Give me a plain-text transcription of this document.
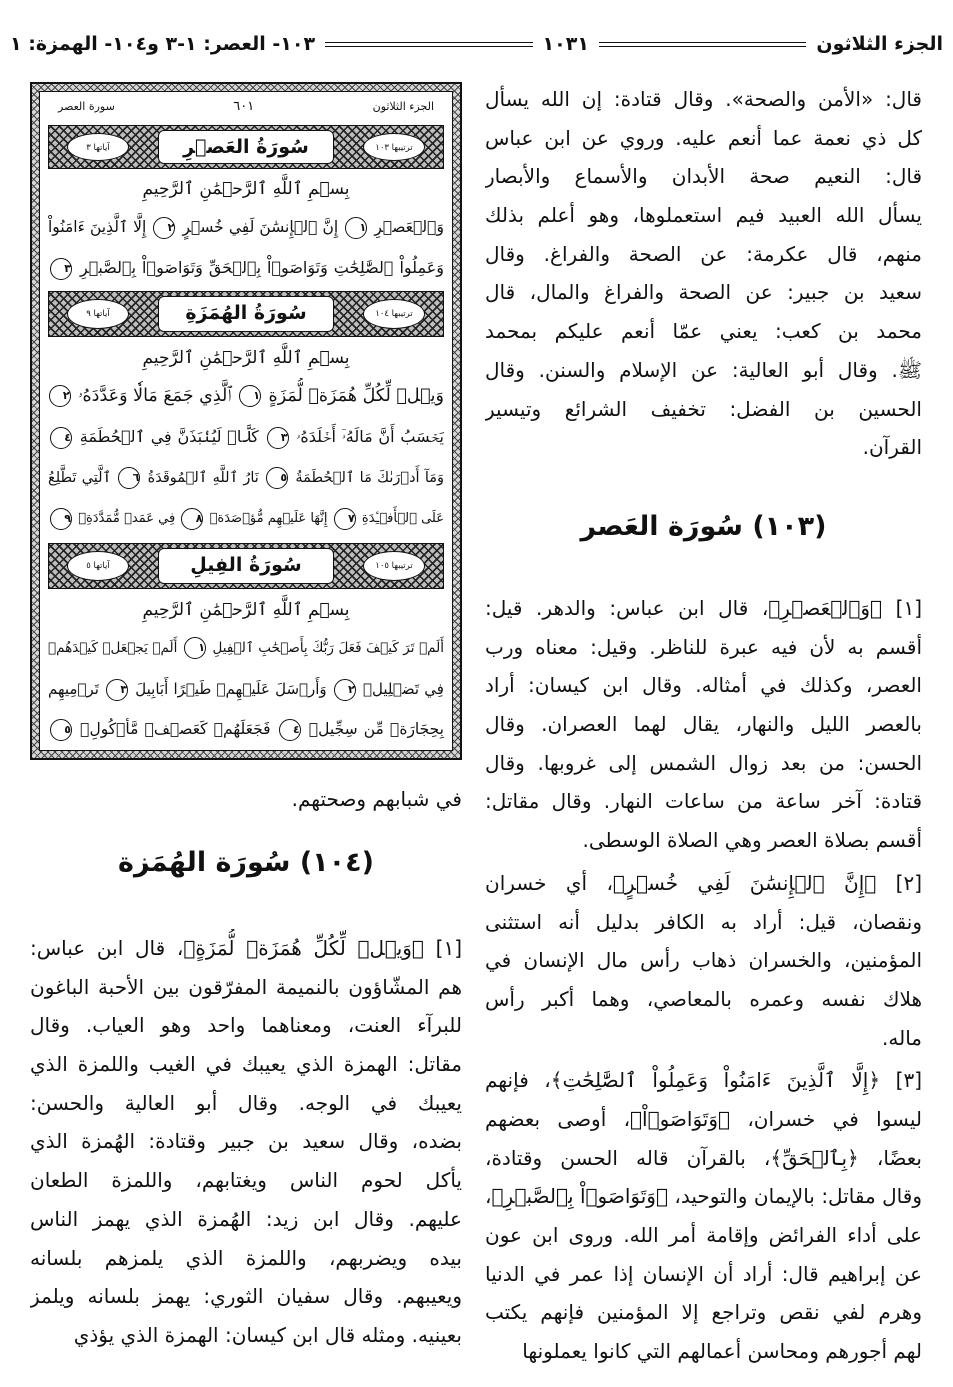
الجزء الثلاثون
١٠٣١
١٠٣- العصر: ١-٣ و١٠٤- الهمزة: ١
قال: «الأمن والصحة». وقال قتادة: إن الله يسأل
كل ذي نعمة عما أنعم عليه. وروي عن ابن عباس
قال: النعيم صحة الأبدان والأسماع والأبصار
يسأل الله العبيد فيم استعملوها، وهو أعلم بذلك
منهم، قال عكرمة: عن الصحة والفراغ. وقال
سعيد بن جبير: عن الصحة والفراغ والمال، قال
محمد بن كعب: يعني عمّا أنعم عليكم بمحمد
ﷺ. وقال أبو العالية: عن الإسلام والسنن. وقال
الحسين بن الفضل: تخفيف الشرائع وتيسير
القرآن.
(١٠٣) سُورَة العَصر
[١] ﴿وَٱلۡعَصۡرِ﴾، قال ابن عباس: والدهر. قيل:
أقسم به لأن فيه عبرة للناظر. وقيل: معناه ورب
العصر، وكذلك في أمثاله. وقال ابن كيسان: أراد
بالعصر الليل والنهار، يقال لهما العصران. وقال
الحسن: من بعد زوال الشمس إلى غروبها. وقال
قتادة: آخر ساعة من ساعات النهار. وقال مقاتل:
أقسم بصلاة العصر وهي الصلاة الوسطى.
[٢] ﴿إِنَّ ٱلۡإِنسَٰنَ لَفِي خُسۡرٍ﴾، أي خسران
ونقصان، قيل: أراد به الكافر بدليل أنه استثنى
المؤمنين، والخسران ذهاب رأس مال الإنسان في
هلاك نفسه وعمره بالمعاصي، وهما أكبر رأس
ماله.
[٣] ﴿إِلَّا ٱلَّذِينَ ءَامَنُواْ وَعَمِلُواْ ٱلصَّٰلِحَٰتِ﴾، فإنهم
ليسوا في خسران، ﴿وَتَوَاصَوۡاْ﴾، أوصى بعضهم
بعضًا، ﴿بِٱلۡحَقِّ﴾، بالقرآن قاله الحسن وقتادة،
وقال مقاتل: بالإيمان والتوحيد، ﴿وَتَوَاصَوۡاْ بِٱلصَّبۡرِ﴾،
على أداء الفرائض وإقامة أمر الله. وروى ابن عون
عن إبراهيم قال: أراد أن الإنسان إذا عمر في الدنيا
وهرم لفي نقص وتراجع إلا المؤمنين فإنهم يكتب
لهم أجورهم ومحاسن أعمالهم التي كانوا يعملونها
الجزء الثلاثون
٦٠١
سورة العصر
ترتيبها ١٠٣
سُورَةُ العَصۡرِ
آياتها ٣
بِسۡمِ ٱللَّهِ ٱلرَّحۡمَٰنِ ٱلرَّحِيمِ
وَٱلۡعَصۡرِ ١ إِنَّ ٱلۡإِنسَٰنَ لَفِي خُسۡرٍ ٢ إِلَّا ٱلَّذِينَ ءَامَنُواْ
وَعَمِلُواْ ٱلصَّٰلِحَٰتِ وَتَوَاصَوۡاْ بِٱلۡحَقِّ وَتَوَاصَوۡاْ بِٱلصَّبۡرِ ٣
ترتيبها ١٠٤
سُورَةُ الهُمَزَةِ
آياتها ٩
بِسۡمِ ٱللَّهِ ٱلرَّحۡمَٰنِ ٱلرَّحِيمِ
وَيۡلٞ لِّكُلِّ هُمَزَةٖ لُّمَزَةٍ ١ ٱلَّذِي جَمَعَ مَالٗا وَعَدَّدَهُۥ ٢
يَحۡسَبُ أَنَّ مَالَهُۥٓ أَخۡلَدَهُۥ ٣ كَلَّاۖ لَيُنۢبَذَنَّ فِي ٱلۡحُطَمَةِ ٤
وَمَآ أَدۡرَىٰكَ مَا ٱلۡحُطَمَةُ ٥ نَارُ ٱللَّهِ ٱلۡمُوقَدَةُ ٦ ٱلَّتِي تَطَّلِعُ
عَلَى ٱلۡأَفۡـِٔدَةِ ٧ إِنَّهَا عَلَيۡهِم مُّؤۡصَدَةٞ ٨ فِي عَمَدٖ مُّمَدَّدَةِۭ ٩
ترتيبها ١٠٥
سُورَةُ الفِيلِ
آياتها ٥
بِسۡمِ ٱللَّهِ ٱلرَّحۡمَٰنِ ٱلرَّحِيمِ
أَلَمۡ تَرَ كَيۡفَ فَعَلَ رَبُّكَ بِأَصۡحَٰبِ ٱلۡفِيلِ ١ أَلَمۡ يَجۡعَلۡ كَيۡدَهُمۡ
فِي تَضۡلِيلٖ ٢ وَأَرۡسَلَ عَلَيۡهِمۡ طَيۡرًا أَبَابِيلَ ٣ تَرۡمِيهِم
بِحِجَارَةٖ مِّن سِجِّيلٖ ٤ فَجَعَلَهُمۡ كَعَصۡفٖ مَّأۡكُولِۭ ٥
في شبابهم وصحتهم.
(١٠٤) سُورَة الهُمَزة
[١] ﴿وَيۡلٞ لِّكُلِّ هُمَزَةٖ لُّمَزَةٍ﴾، قال ابن عباس:
هم المشّاؤون بالنميمة المفرّقون بين الأحبة الباغون
للبرآء العنت، ومعناهما واحد وهو العياب. وقال
مقاتل: الهمزة الذي يعيبك في الغيب واللمزة الذي
يعيبك في الوجه. وقال أبو العالية والحسن:
بضده، وقال سعيد بن جبير وقتادة: الهُمزة الذي
يأكل لحوم الناس ويغتابهم، واللمزة الطعان
عليهم. وقال ابن زيد: الهُمزة الذي يهمز الناس
بيده ويضربهم، واللمزة الذي يلمزهم بلسانه
ويعيبهم. وقال سفيان الثوري: يهمز بلسانه ويلمز
بعينيه. ومثله قال ابن كيسان: الهمزة الذي يؤذي
